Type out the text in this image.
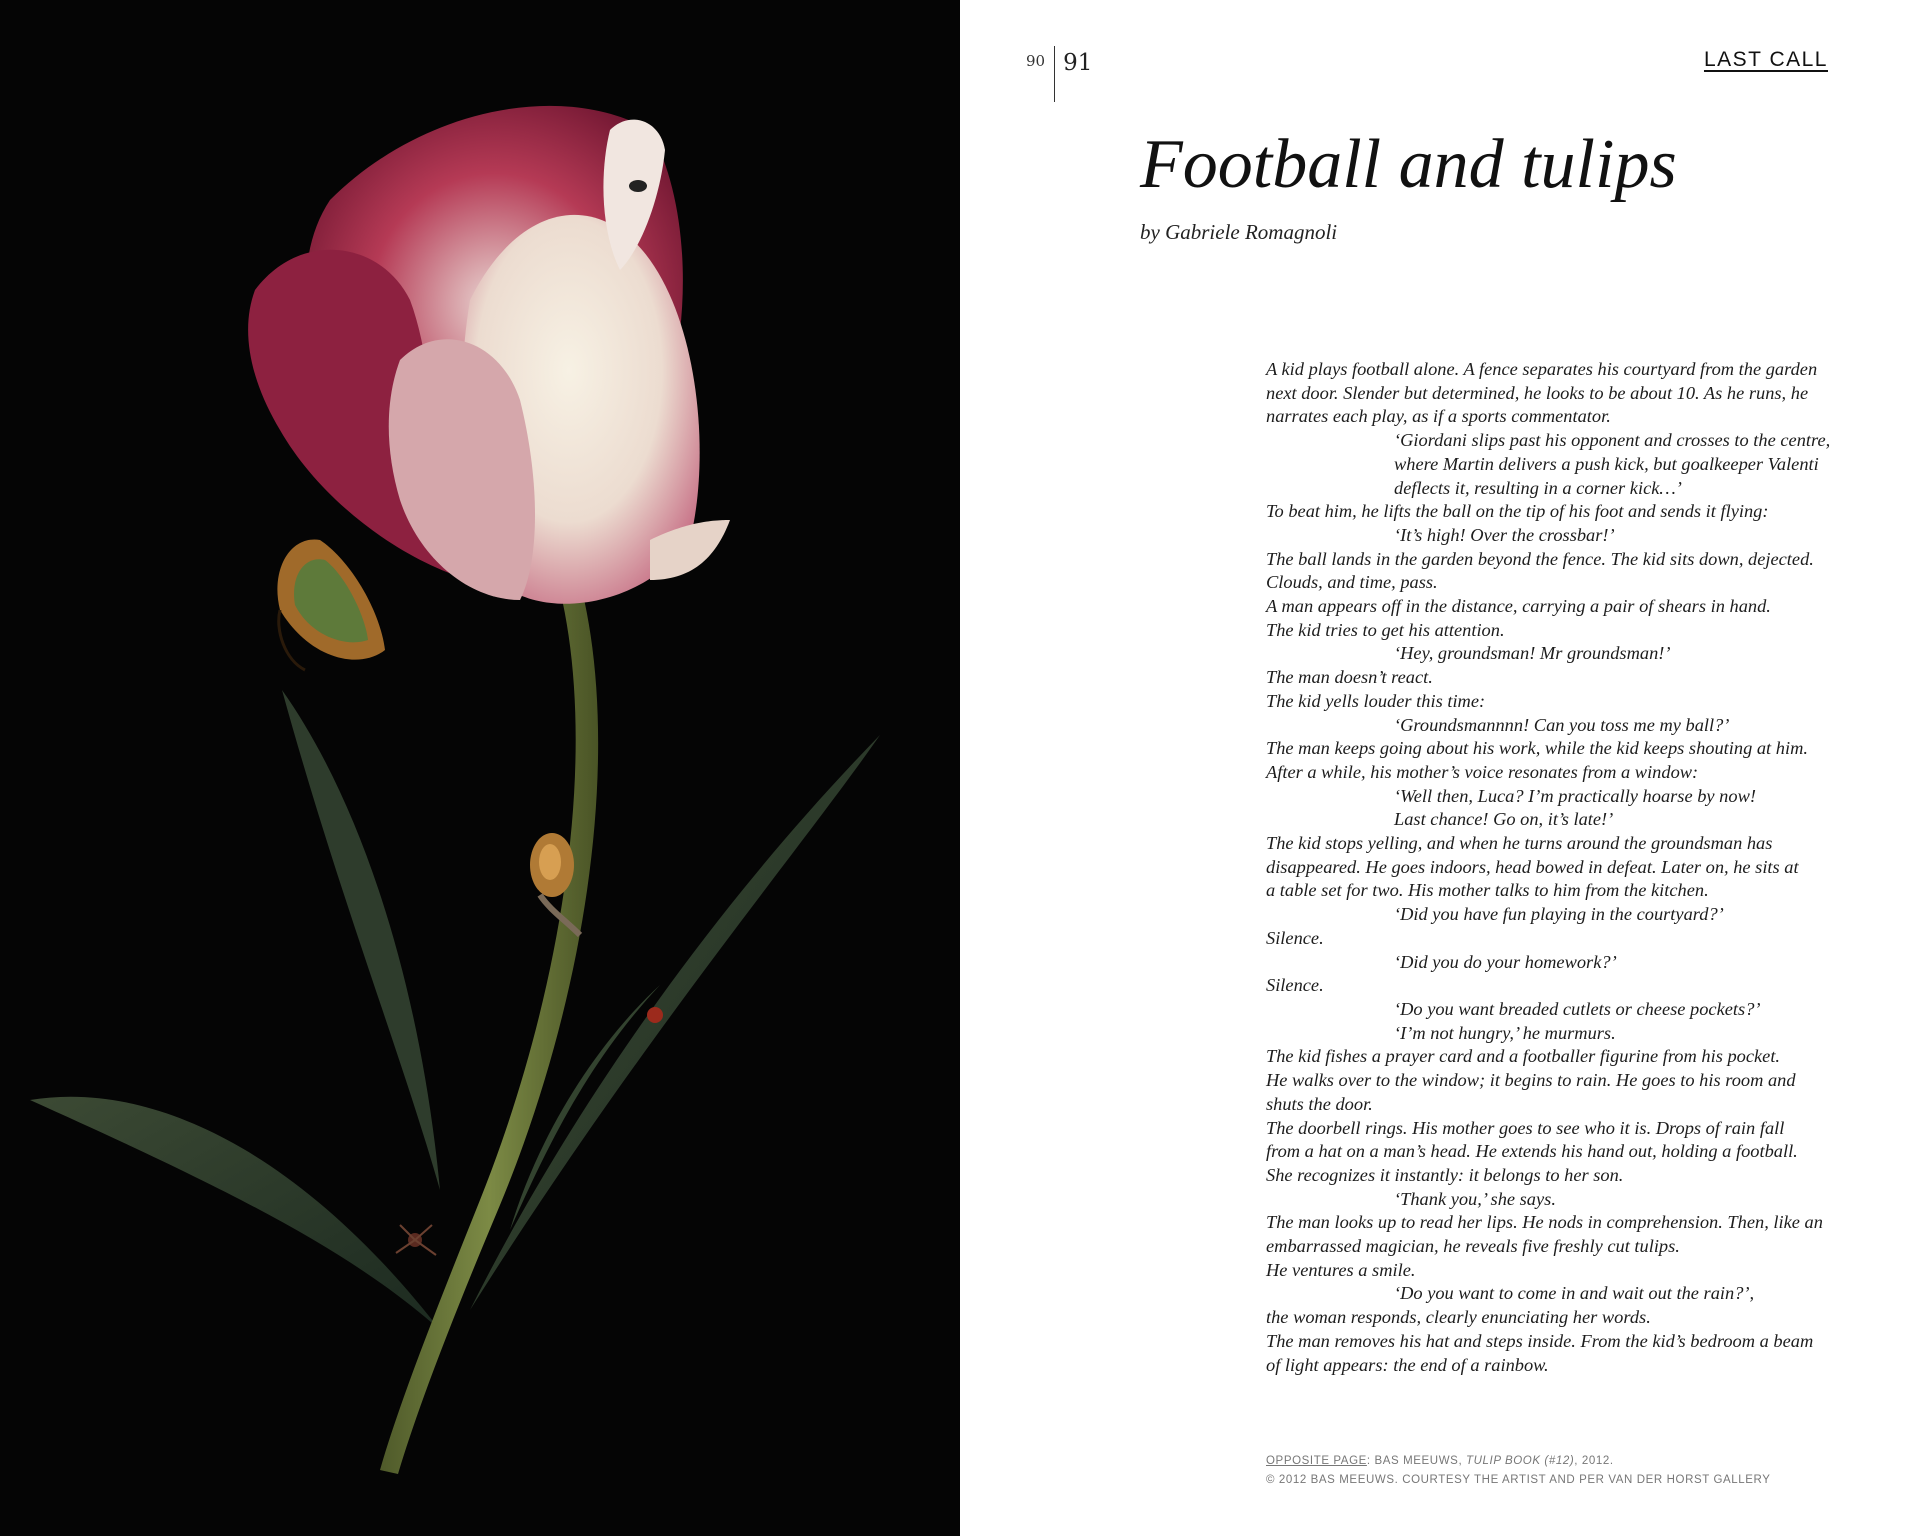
90 91	LAST CALL
Football and tulips
by Gabriele Romagnoli
A kid plays football alone. A fence separates his courtyard from the garden
next door. Slender but determined, he looks to be about 10. As he runs, he
narrates each play, as if a sports commentator.
‘Giordani slips past his opponent and crosses to the centre,
where Martin delivers a push kick, but goalkeeper Valenti
deflects it, resulting in a corner kick…’
To beat him, he lifts the ball on the tip of his foot and sends it flying:
‘It’s high! Over the crossbar!’
The ball lands in the garden beyond the fence. The kid sits down, dejected.
Clouds, and time, pass.
A man appears off in the distance, carrying a pair of shears in hand.
The kid tries to get his attention.
‘Hey, groundsman! Mr groundsman!’
The man doesn’t react.
The kid yells louder this time:
‘Groundsmannnn! Can you toss me my ball?’
The man keeps going about his work, while the kid keeps shouting at him.
After a while, his mother’s voice resonates from a window:
‘Well then, Luca? I’m practically hoarse by now!
Last chance! Go on, it’s late!’
The kid stops yelling, and when he turns around the groundsman has
disappeared. He goes indoors, head bowed in defeat. Later on, he sits at
a table set for two. His mother talks to him from the kitchen.
‘Did you have fun playing in the courtyard?’
Silence.
‘Did you do your homework?’
Silence.
‘Do you want breaded cutlets or cheese pockets?’
‘I’m not hungry,’ he murmurs.
The kid fishes a prayer card and a footballer figurine from his pocket.
He walks over to the window; it begins to rain. He goes to his room and
shuts the door.
The doorbell rings. His mother goes to see who it is. Drops of rain fall
from a hat on a man’s head. He extends his hand out, holding a football.
She recognizes it instantly: it belongs to her son.
‘Thank you,’ she says.
The man looks up to read her lips. He nods in comprehension. Then, like an
embarrassed magician, he reveals five freshly cut tulips.
He ventures a smile.
‘Do you want to come in and wait out the rain?’,
the woman responds, clearly enunciating her words.
The man removes his hat and steps inside. From the kid’s bedroom a beam
of light appears: the end of a rainbow.
OPPOSITE PAGE: BAS MEEUWS, TULIP BOOK (#12), 2012.
© 2012 BAS MEEUWS. COURTESY THE ARTIST AND PER VAN DER HORST GALLERY
